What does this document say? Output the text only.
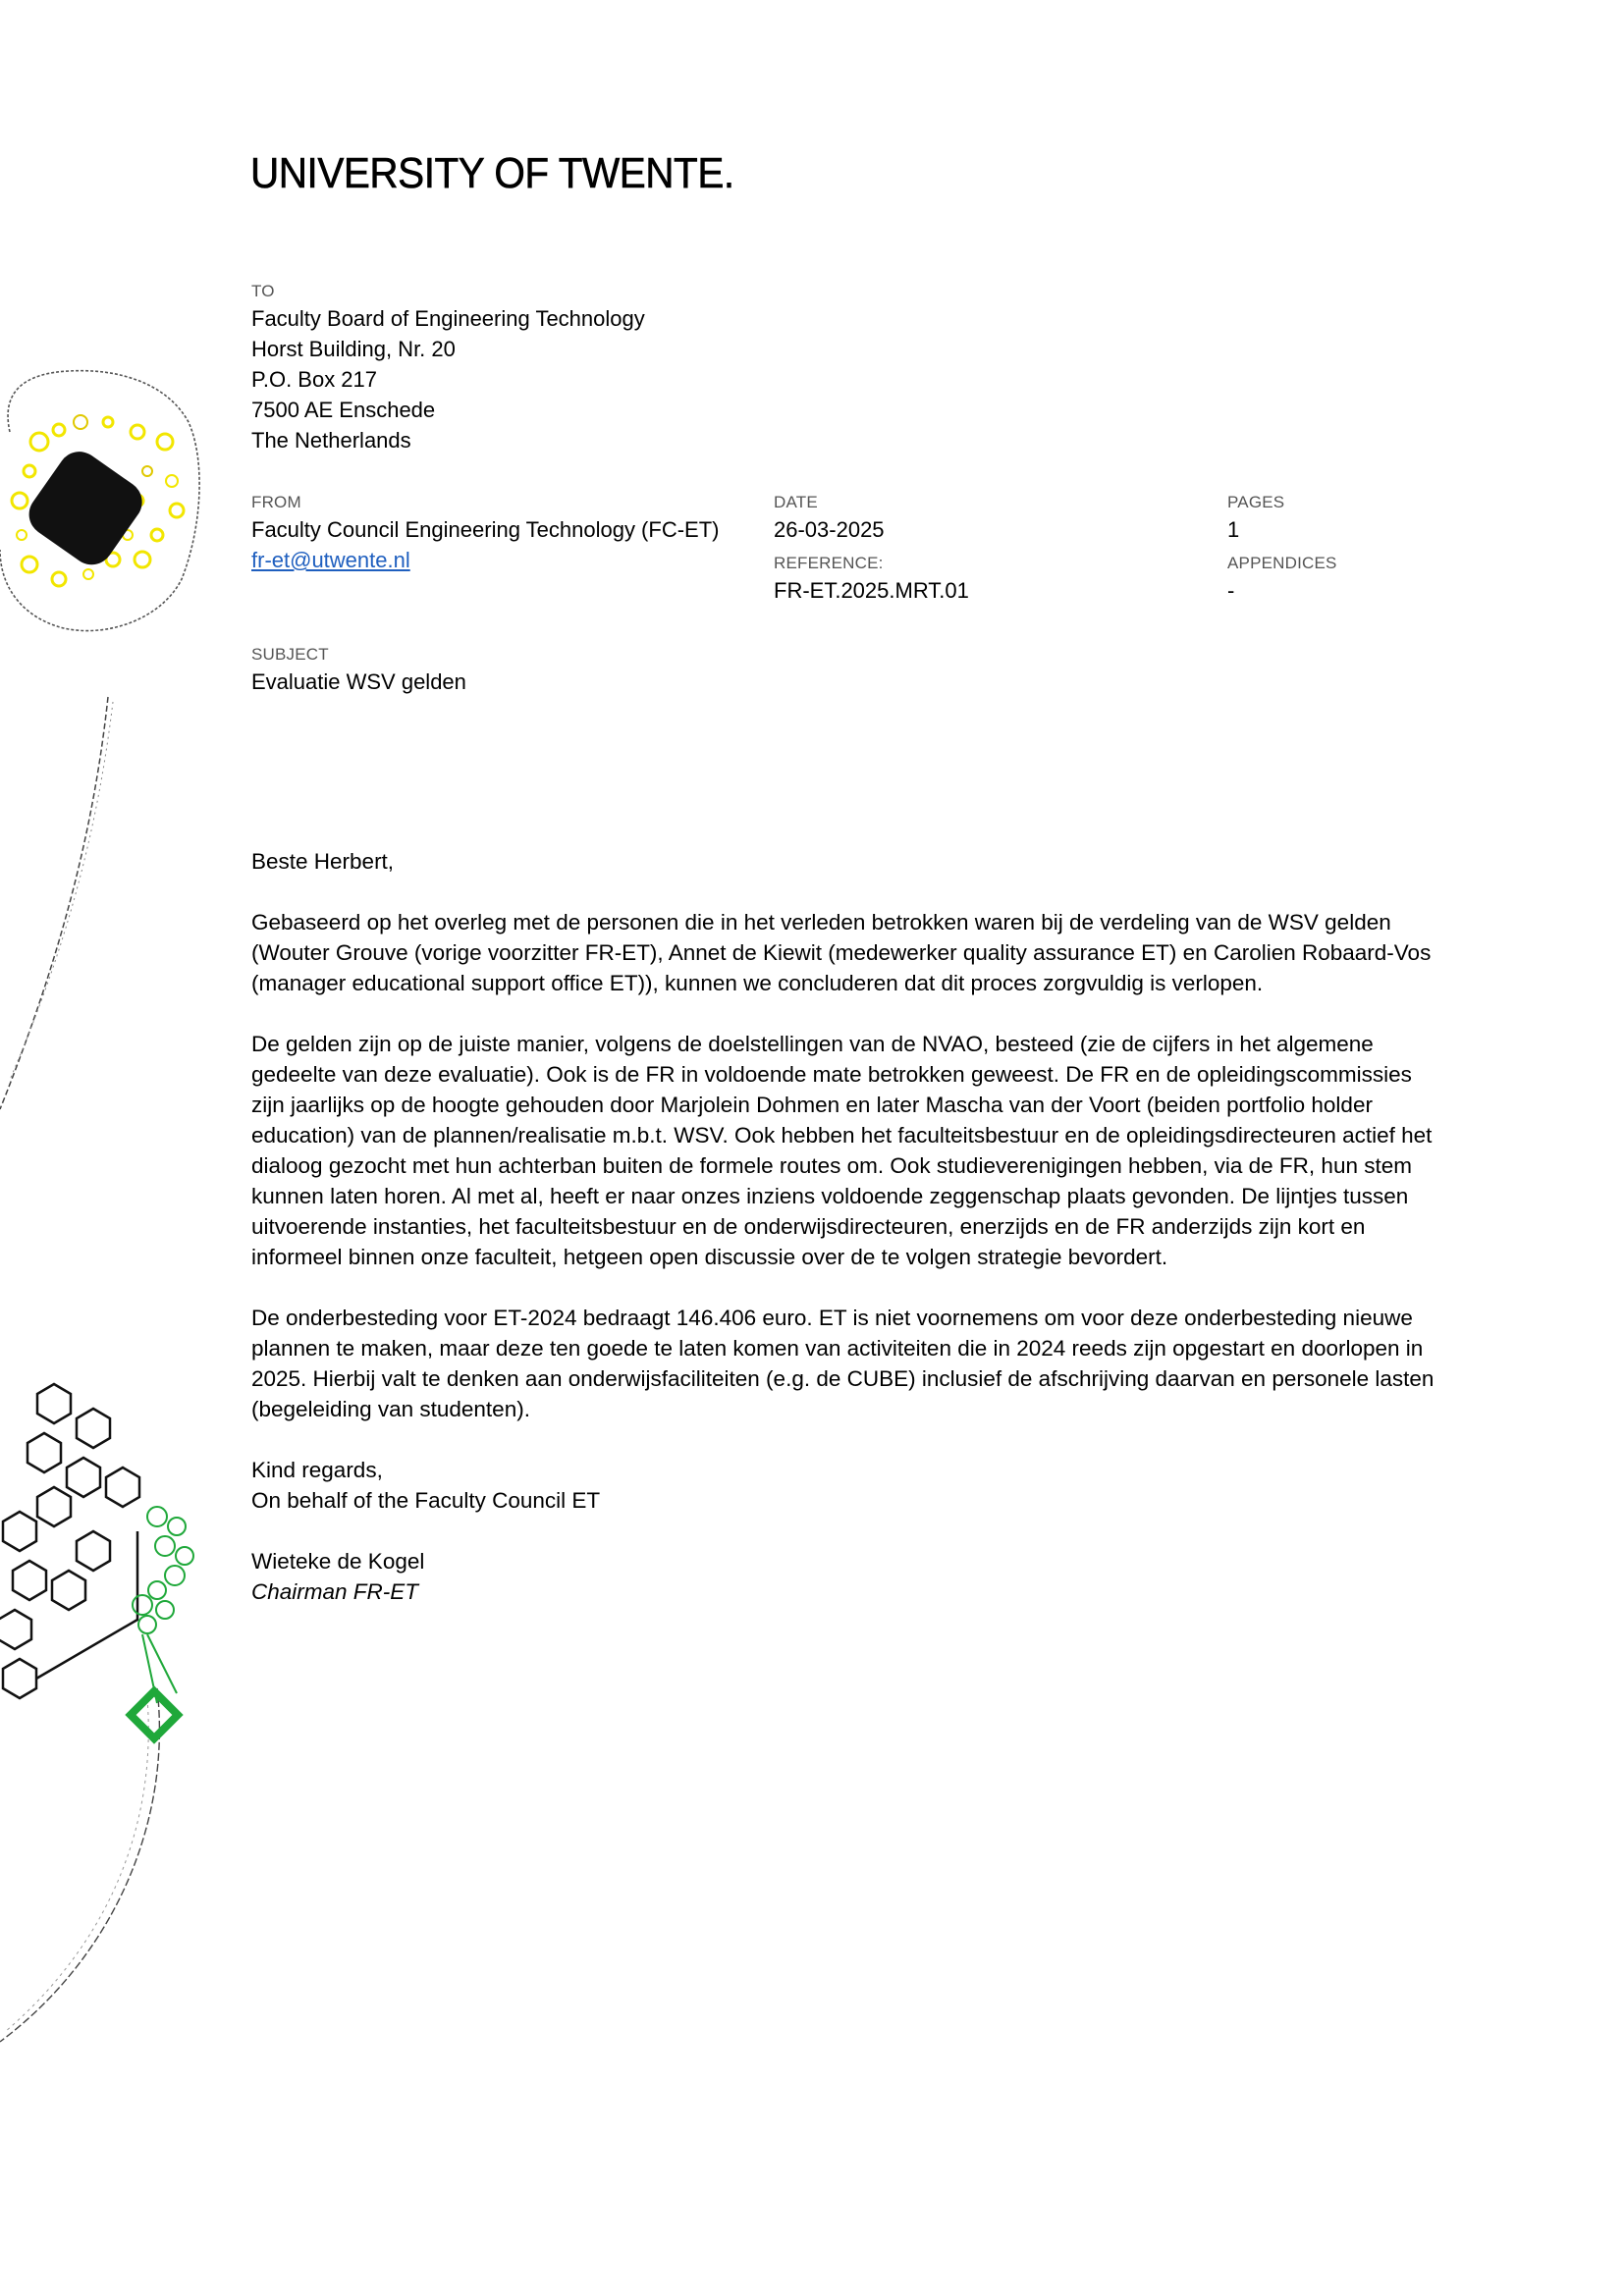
UNIVERSITY OF TWENTE.
TO
Faculty Board of Engineering Technology
Horst Building, Nr. 20
P.O. Box 217
7500 AE Enschede
The Netherlands
FROM
Faculty Council Engineering Technology (FC-ET)
fr-et@utwente.nl
DATE
26-03-2025
REFERENCE:
FR-ET.2025.MRT.01
PAGES
1
APPENDICES
-
SUBJECT
Evaluatie WSV gelden

Beste Herbert,

Gebaseerd op het overleg met de personen die in het verleden betrokken waren bij de verdeling van de WSV gelden (Wouter Grouve (vorige voorzitter FR-ET), Annet de Kiewit (medewerker quality assurance ET) en Carolien Robaard-Vos (manager educational support office ET)), kunnen we concluderen dat dit proces zorgvuldig is verlopen.

De gelden zijn op de juiste manier, volgens de doelstellingen van de NVAO, besteed (zie de cijfers in het algemene gedeelte van deze evaluatie). Ook is de FR in voldoende mate betrokken geweest. De FR en de opleidingscommissies zijn jaarlijks op de hoogte gehouden door Marjolein Dohmen en later Mascha van der Voort (beiden portfolio holder education) van de plannen/realisatie m.b.t. WSV. Ook hebben het faculteitsbestuur en de opleidingsdirecteuren actief het dialoog gezocht met hun achterban buiten de formele routes om. Ook studieverenigingen hebben, via de FR, hun stem kunnen laten horen. Al met al, heeft er naar onzes inziens voldoende zeggenschap plaats gevonden. De lijntjes tussen uitvoerende instanties, het faculteitsbestuur en de onderwijsdirecteuren, enerzijds en de FR anderzijds zijn kort en informeel binnen onze faculteit, hetgeen open discussie over de te volgen strategie bevordert.

De onderbesteding voor ET-2024 bedraagt 146.406 euro. ET is niet voornemens om voor deze onderbesteding nieuwe plannen te maken, maar deze ten goede te laten komen van activiteiten die in 2024 reeds zijn opgestart en doorlopen in 2025. Hierbij valt te denken aan onderwijsfaciliteiten (e.g. de CUBE) inclusief de afschrijving daarvan en personele lasten (begeleiding van studenten).

Kind regards,

On behalf of the Faculty Council ET

Wieteke de Kogel

Chairman FR-ET
